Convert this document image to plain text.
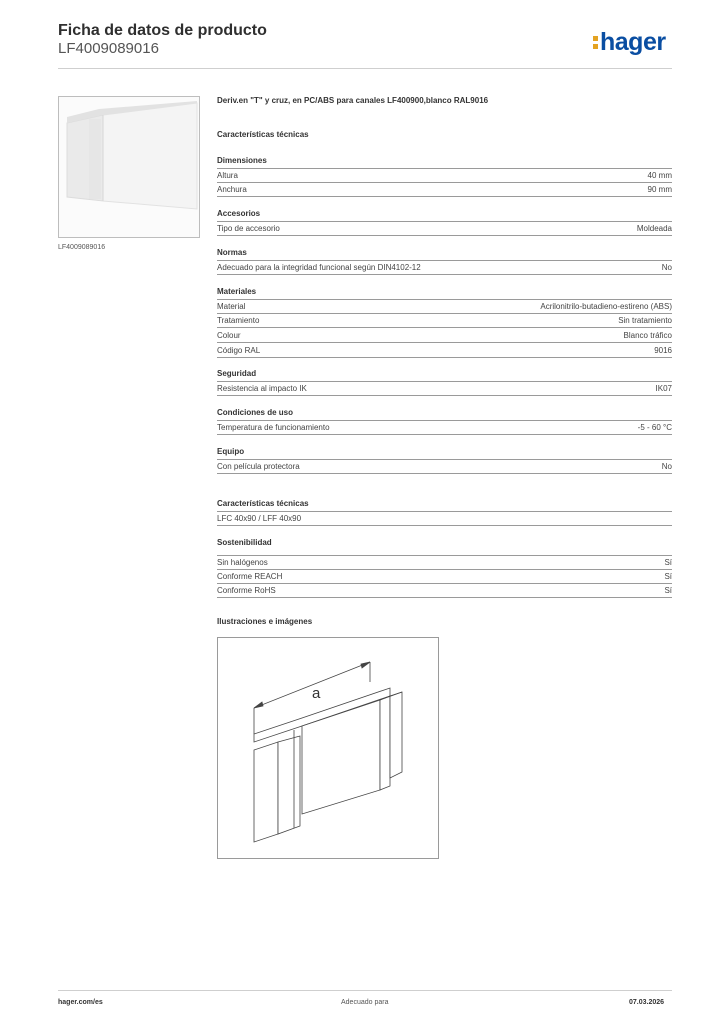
Ficha de datos de producto
LF4009089016	hager
LF4009089016
Deriv.en "T" y cruz, en PC/ABS para canales LF400900,blanco RAL9016
Características técnicas
Dimensiones
Altura	40 mm
Anchura	90 mm
Accesorios
Tipo de accesorio	Moldeada
Normas
Adecuado para la integridad funcional según DIN4102-12	No
Materiales
Material	Acrilonitrilo-butadieno-estireno (ABS)
Tratamiento	Sin tratamiento
Colour	Blanco tráfico
Código RAL	9016
Seguridad
Resistencia al impacto IK	IK07
Condiciones de uso
Temperatura de funcionamiento	-5 - 60 °C
Equipo
Con película protectora	No
Características técnicas
LFC 40x90 / LFF 40x90
Sostenibilidad
Sin halógenos	Sí
Conforme REACH	Sí
Conforme RoHS	Sí
Ilustraciones e imágenes
a
hager.com/es	Adecuado para	07.03.2026
